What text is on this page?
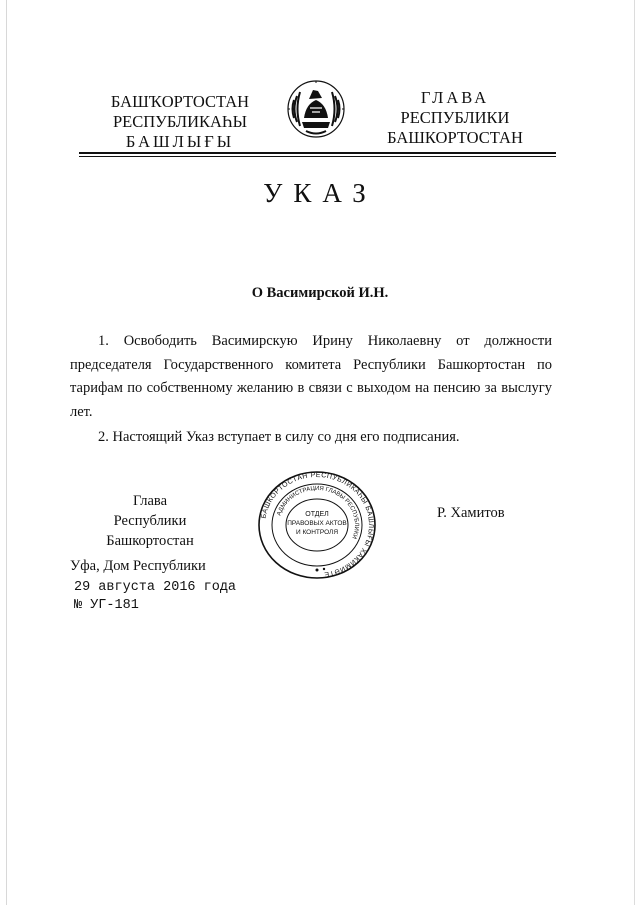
БАШҠОРТОСТАН
РЕСПУБЛИКАҺЫ
БАШЛЫҒЫ
ГЛАВА
РЕСПУБЛИКИ
БАШКОРТОСТАН
УКАЗ
О Васимирской И.Н.
1. Освободить Васимирскую Ирину Николаевну от должности председателя Государственного комитета Республики Башкортостан по тарифам по собственному желанию в связи с выходом на пенсию за выслугу лет.
2. Настоящий Указ вступает в силу со дня его подписания.
Глава
Республики Башкортостан
БАШКОРТОСТАН РЕСПУБЛИКАҺЫ БАШЛЫҒЫ ХАКИМИӘТЕ
АДМИНИСТРАЦИЯ ГЛАВЫ РЕСПУБЛИКИ
ОТДЕЛ
ПРАВОВЫХ АКТОВ
И КОНТРОЛЯ
Р. Хамитов
Уфа, Дом Республики
29 августа 2016 года
№ УГ-181
